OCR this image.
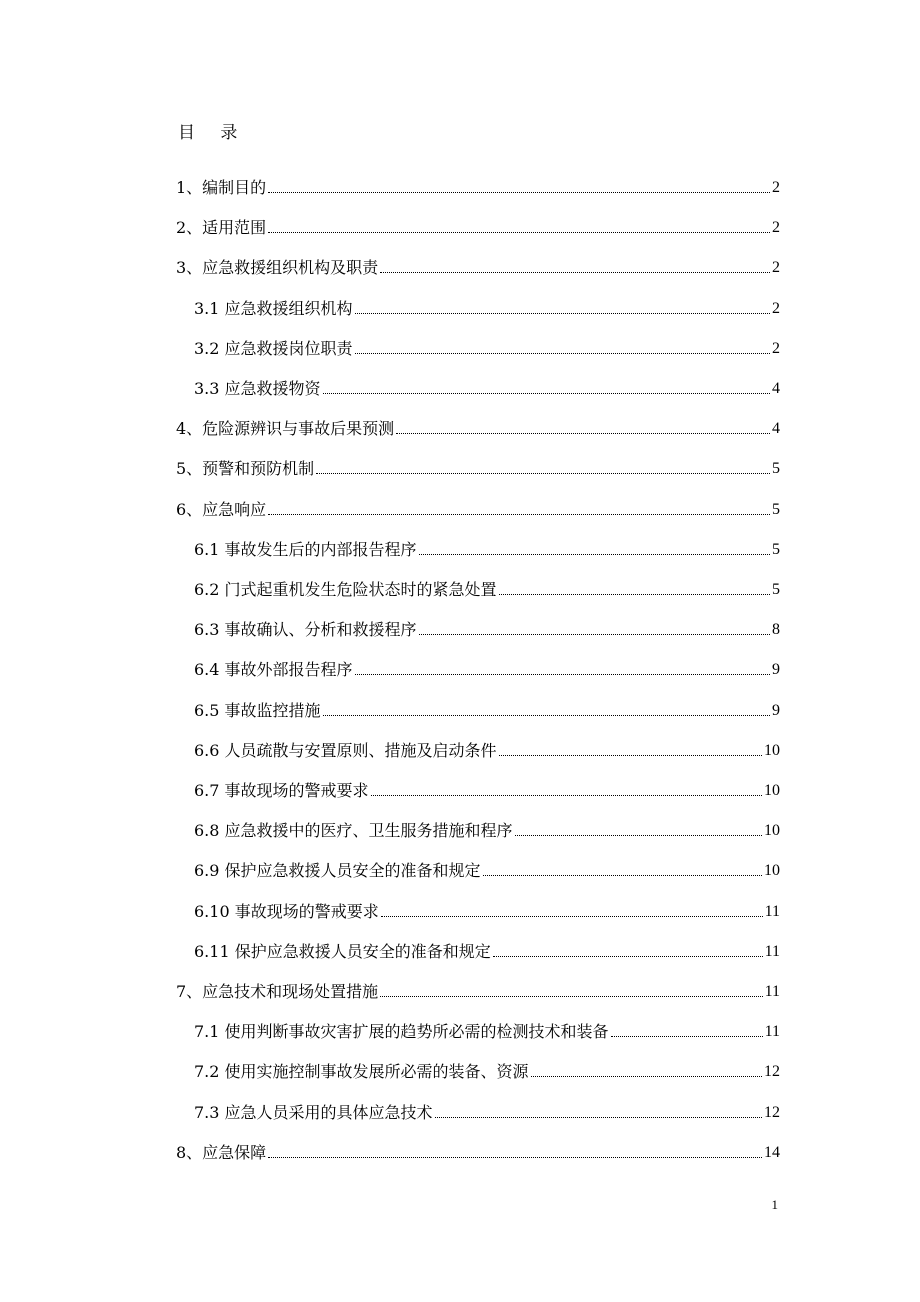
目 录
1、编制目的	2
2、适用范围	2
3、应急救援组织机构及职责	2
3.1 应急救援组织机构	2
3.2 应急救援岗位职责	2
3.3 应急救援物资	4
4、危险源辨识与事故后果预测	4
5、预警和预防机制	5
6、应急响应	5
6.1 事故发生后的内部报告程序	5
6.2 门式起重机发生危险状态时的紧急处置	5
6.3 事故确认、分析和救援程序	8
6.4 事故外部报告程序	9
6.5 事故监控措施	9
6.6 人员疏散与安置原则、措施及启动条件	10
6.7 事故现场的警戒要求	10
6.8 应急救援中的医疗、卫生服务措施和程序	10
6.9 保护应急救援人员安全的准备和规定	10
6.10 事故现场的警戒要求	11
6.11 保护应急救援人员安全的准备和规定	11
7、应急技术和现场处置措施	11
7.1 使用判断事故灾害扩展的趋势所必需的检测技术和装备	11
7.2 使用实施控制事故发展所必需的装备、资源	12
7.3 应急人员采用的具体应急技术	12
8、应急保障	14
1
